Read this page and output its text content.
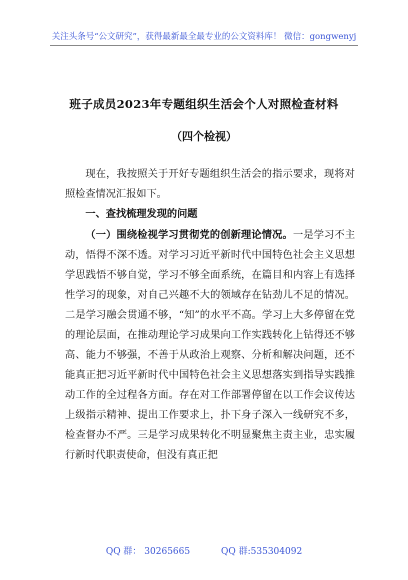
关注头条号“公文研究”，获得最新最全最专业的公文资料库！ 微信：gongwenyj
班子成员2023年专题组织生活会个人对照检查材料
（四个检视）

现在，我按照关于开好专题组织生活会的指示要求，现将对照检查情况汇报如下。

一、查找梳理发现的问题

（一）围绕检视学习贯彻党的创新理论情况。一是学习不主动，悟得不深不透。对学习习近平新时代中国特色社会主义思想学思践悟不够自觉，学习不够全面系统，在篇目和内容上有选择性学习的现象，对自己兴趣不大的领域存在钻劲儿不足的情况。二是学习融会贯通不够，“知”的水平不高。学习上大多停留在党的理论层面，在推动理论学习成果向工作实践转化上钻得还不够高、能力不够强，不善于从政治上观察、分析和解决问题，还不能真正把习近平新时代中国特色社会主义思想落实到指导实践推动工作的全过程各方面。存在对工作部署停留在以工作会议传达上级指示精神、提出工作要求上，扑下身子深入一线研究不多，检查督办不严。三是学习成果转化不明显聚焦主责主业，忠实履行新时代职责使命，但没有真正把

QQ 群： 30265665	QQ 群:535304092
